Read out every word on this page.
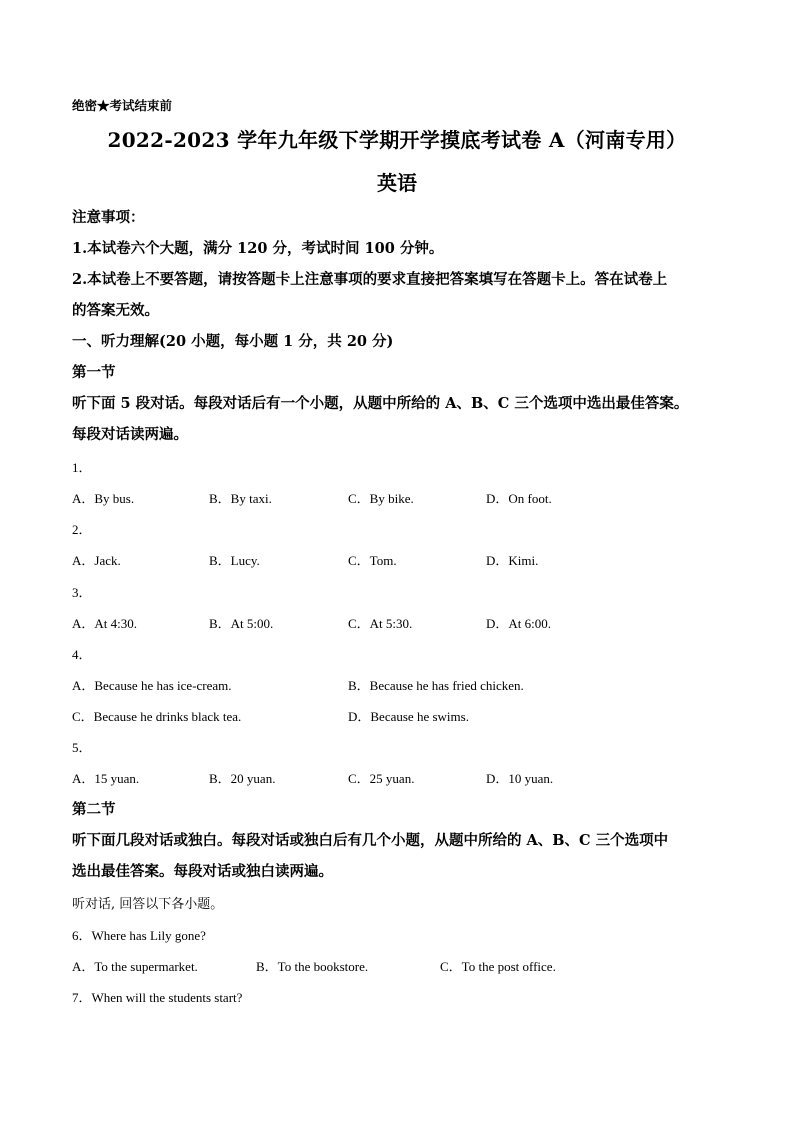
绝密★考试结束前
2022-2023 学年九年级下学期开学摸底考试卷 A（河南专用）
英语
注意事项：
1.本试卷六个大题，满分 120 分，考试时间 100 分钟。
2.本试卷上不要答题，请按答题卡上注意事项的要求直接把答案填写在答题卡上。答在试卷上
的答案无效。
一、听力理解(20 小题，每小题 1 分，共 20 分)
第一节
听下面 5 段对话。每段对话后有一个小题，从题中所给的 A、B、C 三个选项中选出最佳答案。
每段对话读两遍。
1．
A．By bus.	B．By taxi.	C．By bike.	D．On foot.
2．
A．Jack.	B．Lucy.	C．Tom.	D．Kimi.
3．
A．At 4:30.	B．At 5:00.	C．At 5:30.	D．At 6:00.
4．
A．Because he has ice-cream.	B．Because he has fried chicken.
C．Because he drinks black tea.	D．Because he swims.
5．
A．15 yuan.	B．20 yuan.	C．25 yuan.	D．10 yuan.
第二节
听下面几段对话或独白。每段对话或独白后有几个小题，从题中所给的 A、B、C 三个选项中
选出最佳答案。每段对话或独白读两遍。
听对话, 回答以下各小题。
6．Where has Lily gone?
A．To the supermarket.	B．To the bookstore.	C．To the post office.
7．When will the students start?
